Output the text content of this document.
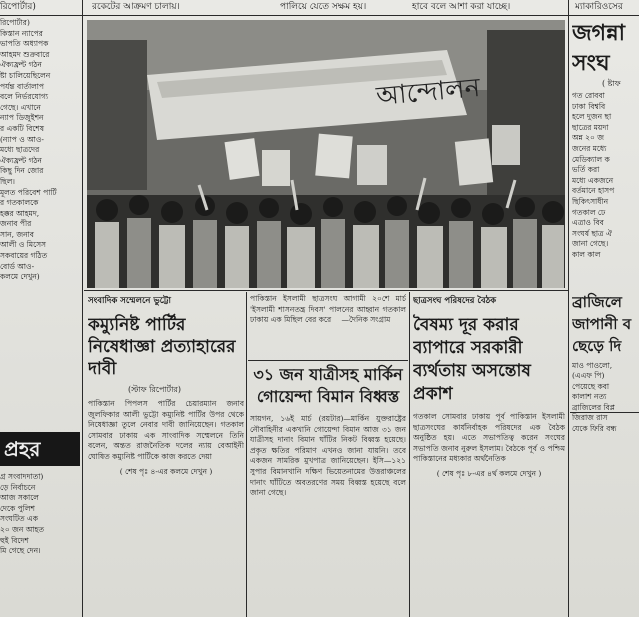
রিপোর্টার)	রকেটের আক্রমণ চালায়।	পালিয়ে যেতে সক্ষম হয়।	হাবে বলে আশা করা যাচ্ছে।	ম্যাকারিওসের

রিপোর্টার)

কিস্তান ন্যাপের

ভাপতি অধ্যাপক

আহমদ শুক্রবারে

ঐক্যফ্রন্ট গঠন

ষ্টা চালিয়েছিলেন

পর্যন্ত বার্তালাপ

বলে নির্ভরযোগ্য

গেছে। এখানে

ন্যাপ ডিজুইশন

র একটি বিশেষ

(ন্যাপ ও আও-

মধ্যে ছাত্রদের

ঐক্যফ্রন্ট গঠন

কিছু দিন জোর

ছিল।

মূলত পরিবেশ পার্টি

র গতকালকে

হক্কর আহমদ,

জনাব পীর

সান, জনাব

আলী ও মিসেস

সকবায়ের গঠিত

বোর্ড আও-

কলমে দেখুন)

প্রহর

গ্র সংবাদদাতা)

ড়ে নির্বাচনে

আজ সকালে

দেকে পুলিশ

সংঘটিত এক

২০ জন আহত

হুই বিদেশ

মি গেছে দেন।

আন্দোলন
সংবাদিক সম্মেলনে ভুট্টো
কম্যুনিষ্ট পার্টির নিষেধাজ্ঞা প্রত্যাহারের দাবী
(স্টাফ রিপোর্টার)
পাকিস্তান পিপলস পার্টির চেয়ারম্যান জনাব জুলফিকার আলী ভুট্টো কম্যুনিষ্ট পার্টির উপর থেকে নিষেধাজ্ঞা তুলে নেবার দাবী জানিয়েছেন। গতকাল সোমবার ঢাকায় এক সাংবাদিক সম্মেলনে তিনি বলেন, অন্তত রাজনৈতিক দলের ন্যায় বেআইনী ঘোষিত কম্যুনিষ্ট পার্টিকে কাজ করতে দেয়া
( শেষ পৃঃ ৪-এর কলমে দেখুন )
পাকিস্তান ইসলামী ছাত্রসংঘ আগামী ২০শে মার্চ 'ইসলামী শাসনতন্ত্র দিবস' পালনের আহ্বান গতকাল ঢাকায় এক মিছিল বের করে —দৈনিক সংগ্রাম
৩১ জন যাত্রীসহ মার্কিন গোয়েন্দা বিমান বিধ্বস্ত
সায়গন, ১৬ই মার্চ (রয়টার)—মার্কিন যুক্তরাষ্ট্রের নৌবাহিনীর একখানি গোয়েন্দা বিমান আজ ৩১ জন যাত্রীসহ দানাং বিমান ঘাঁটির নিকট বিধ্বস্ত হয়েছে। প্রকৃত ক্ষতির পরিমাণ এখনও জানা যায়নি। তবে একজন সামরিক মুখপাত্র জানিয়েছেন। ইসি—১২১ সুপার বিমানখানি দক্ষিণ ভিয়েতনামের উত্তরাঞ্চলের দানাং ঘাঁটিতে অবতরণের সময় বিধ্বস্ত হয়েছে বলে জানা গেছে।
ছাত্রসংঘ পরিষদের বৈঠক
বৈষম্য দূর করার ব্যাপারে সরকারী ব্যর্থতায় অসন্তোষ প্রকাশ
গতকাল সোমবার ঢাকায় পূর্ব পাকিস্তান ইসলামী ছাত্রসংঘের কার্যনির্বাহক পরিষদের এক বৈঠক অনুষ্ঠিত হয়। এতে সভাপতিত্ব করেন সংঘের সভাপতি জনাব নুরুল ইসলাম। বৈঠকে পূর্ব ও পশ্চিম পাকিস্তানের মধ্যকার অর্থনৈতিক
( শেষ পৃঃ ৮-এর ৪র্থ কলমে দেখুন )
জগন্না
সংঘ
( ষ্টাফ

গত রোববা

ঢাকা বিশ্ববি

হলে দুজন ছা

ছাত্রের ময়দা

অন্ন ২০ জ

জনের মধ্যে

মেডিক্যাল ক

ভর্তি করা

মধ্যে একজনে

বর্তমানে হাসপ

ছিকিৎসাধীন

গতকাল ঢে

এত্রাও বিব

সংঘর্ষ ছাত্র ঐ

জানা গেছে।

কাল কাল

ব্রাজিলে
জাপানী ব
ছেড়ে দি

মাও পাওলো,

(এএফ পি)

পেয়েছে কবা

কালাশ নত্য

ব্রাজিলের বিপ্ল

জিরাজ রাস

যেকে ফিরি বন্ধ
